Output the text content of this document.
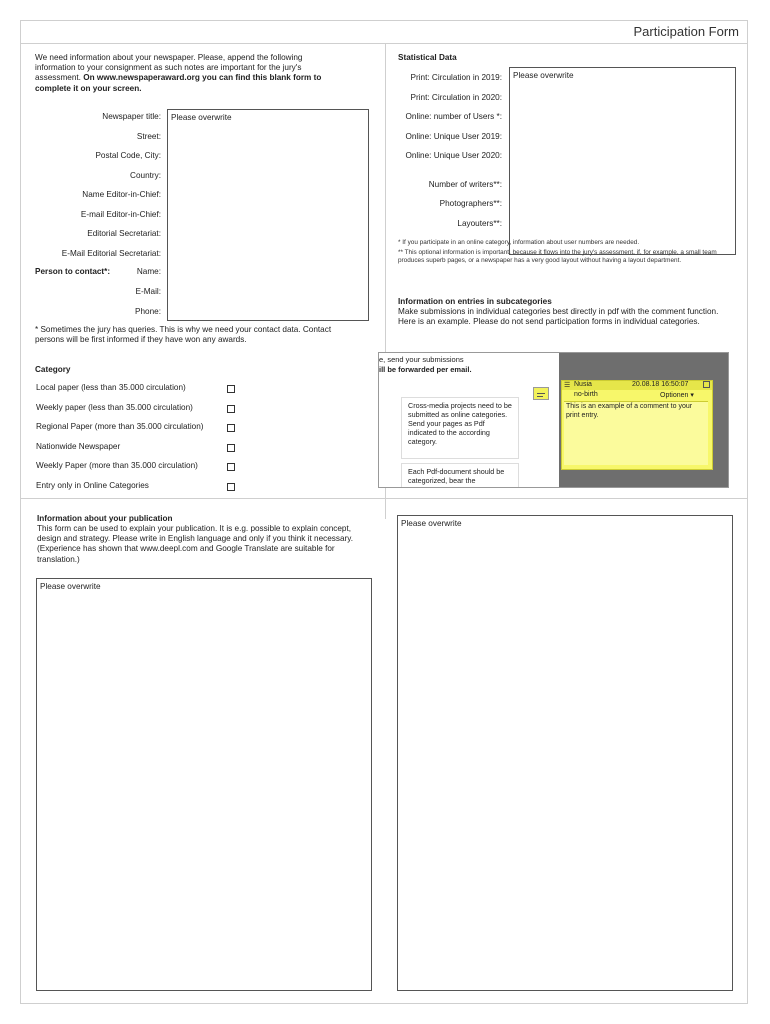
Participation Form
We need information about your newspaper. Please, append the following information to your consignment as such notes are important for the jury's assessment. On www.newspaperaward.org you can find this blank form to complete it on your screen.
Newspaper title:
Street:
Postal Code, City:
Country:
Name Editor-in-Chief:
E-mail Editor-in-Chief:
Editorial Secretariat:
E-Mail Editorial Secretariat:
Person to contact*:	Name:
E-Mail:
Phone:
Please overwrite
* Sometimes the jury has queries. This is why we need your contact data. Contact persons will be first informed if they have won any awards.
Category
Local paper (less than 35.000 circulation)
Weekly paper (less than 35.000 circulation)
Regional Paper (more than 35.000 circulation)
Nationwide Newspaper
Weekly Paper (more than 35.000 circulation)
Entry only in Online Categories
Statistical Data
Print: Circulation in 2019:
Print: Circulation in 2020:
Online: number of Users *:
Online: Unique User 2019:
Online: Unique User 2020:
Number of writers**:
Photographers**:
Layouters**:
Please overwrite
* If you participate in an online category, information about user numbers are needed.
** This optional information is important, because it flows into the jury's assessment, if, for example, a small team produces superb pages, or a newspaper has a very good layout without having a layout department.
Information on entries in subcategories
Make submissions in individual categories best directly in pdf with the comment function. Here is an example. Please do not send participation forms in individual categories.
Information about your publication
This form can be used to explain your publication. It is e.g. possible to explain concept, design and strategy. Please write in English language and only if you think it necessary. (Experience has shown that www.deepl.com and Google Translate are suitable for translation.)
Please overwrite
Please overwrite
e, send your submissions
ill be forwarded per email.
Cross-media projects need to be submitted as online categories. Send your pages as Pdf indicated to the according category.
Each Pdf-document should be categorized, bear the
☰ Nusia	20.08.18 16:50:07
no-birth	Optionen ▾
This is an example of a comment to your print entry.
